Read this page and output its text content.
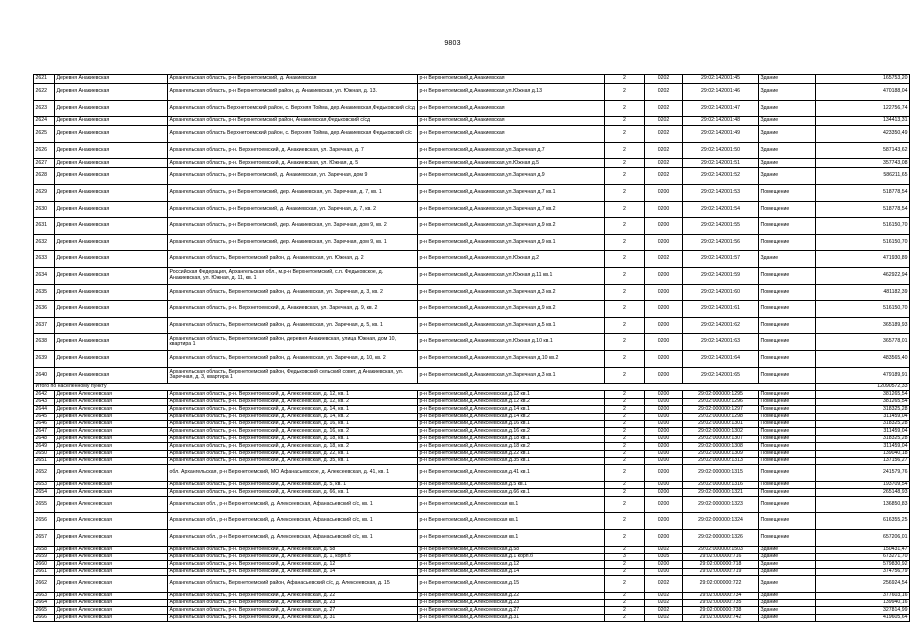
9803
2621	Деревня Анакиевская	Архангельская область, р-н Верхнетоемский, д. Анакиевская	р-н Верхнетоемский,д.Анакиевская	2	0202	29:02:142001:45	Здание	165753,20
2622	Деревня Анакиевская	Архангельская область, р-н Верхнетоемский район, д. Анакиевская, ул. Южная, д. 13.	р-н Верхнетоемский,д.Анакиевская,ул.Южная д.13	2	0202	29:02:142001:46	Здание	470188,04
2623	Деревня Анакиевская	Архангельская область Верхнетоемский район, с. Верхняя Тойма, дер.Анакиевская,Федьковский с/сд	р-н Верхнетоемский,д.Анакиевская	2	0202	29:02:142001:47	Здание	122756,74
2624	Деревня Анакиевская	Архангельская область, р-н Верхнетоемский район, Анакиевская,Федьковский с/сд	р-н Верхнетоемский,д.Анакиевская	2	0202	29:02:142001:48	Здание	134413,31
2625	Деревня Анакиевская	Архангельская область Верхнетоемский район, с. Верхняя Тойма, дер.Анакиевская Федьковский с/с	р-н Верхнетоемский,д.Анакиевская	2	0202	29:02:142001:49	Здание	423350,49
2626	Деревня Анакиевская	Архангельская область, р-н. Верхнетоемский, д. Анакиевская, ул. Заречная, д. 7	р-н Верхнетоемский,д.Анакиевская,ул.Заречная д.7	2	0202	29:02:142001:50	Здание	587143,62
2627	Деревня Анакиевская	Архангельская область, р-н. Верхнетоемский, д. Анакиевская, ул. Южная, д. 5	р-н Верхнетоемский,д.Анакиевская,ул.Южная д.5	2	0202	29:02:142001:51	Здание	357743,08
2628	Деревня Анакиевская	Архангельская область, р-н Верхнетоемский, д. Анакиевская, ул. Заречная, дом 9	р-н Верхнетоемский,д.Анакиевская,ул.Заречная д.9	2	0202	29:02:142001:52	Здание	586211,65
2629	Деревня Анакиевская	Архангельская область, р-н Верхнетоемский, дер. Анакиевская, ул. Заречная, д. 7, кв. 1	р-н Верхнетоемский,д.Анакиевская,ул.Заречная д.7 кв.1	2	0200	29:02:142001:53	Помещение	518778,54
2630	Деревня Анакиевская	Архангельская область, р-н Верхнетоемский, д. Анакиевская, ул. Заречная, д. 7, кв. 2	р-н Верхнетоемский,д.Анакиевская,ул.Заречная д.7 кв.2	2	0200	29:02:142001:54	Помещение	518778,54
2631	Деревня Анакиевская	Архангельская область, р-н Верхнетоемский, дер. Анакиевская, ул. Заречная, дом 9, кв. 2	р-н Верхнетоемский,д.Анакиевская,ул.Заречная д.9 кв.2	2	0200	29:02:142001:55	Помещение	516150,70
2632	Деревня Анакиевская	Архангельская область, р-н Верхнетоемский, дер. Анакиевская, ул. Заречная, дом 9, кв. 1	р-н Верхнетоемский,д.Анакиевская,ул.Заречная д.9 кв.1	2	0200	29:02:142001:56	Помещение	516150,70
2633	Деревня Анакиевская	Архангельская область, Верхнетоемский район, д. Анакиевская, ул. Южная, д. 2	р-н Верхнетоемский,д.Анакиевская,ул.Южная д.2	2	0202	29:02:142001:57	Здание	471930,89
2634	Деревня Анакиевская	Российская Федерация, Архангельская обл., м.р-н Верхнетоемский, с.п. Федьковское, д. Анакиевская, ул. Южная, д. 11, кв. 1	р-н Верхнетоемский,д.Анакиевская,ул.Южная д.11 кв.1	2	0200	29:02:142001:59	Помещение	462922,94
2635	Деревня Анакиевская	Архангельская область, Верхнетоемский район, д. Анакиевская, ул. Заречная, д. 3, кв. 2	р-н Верхнетоемский,д.Анакиевская,ул.Заречная д.3 кв.2	2	0200	29:02:142001:60	Помещение	481182,39
2636	Деревня Анакиевская	Архангельская область, р-н. Верхнетоемский, д. Анакиевская, ул. Заречная, д. 9, кв. 2	р-н Верхнетоемский,д.Анакиевская,ул.Заречная д.9 кв.2	2	0200	29:02:142001:61	Помещение	516150,70
2637	Деревня Анакиевская	Архангельская область, Верхнетоемский район, д. Анакиевская, ул. Заречная, д. 5, кв. 1	р-н Верхнетоемский,д.Анакиевская,ул.Заречная д.5 кв.1	2	0200	29:02:142001:62	Помещение	365189,93
2638	Деревня Анакиевская	Архангельская область, Верхнетоемский район, деревня Анакиевская, улица Южная, дом 10, квартира 1	р-н Верхнетоемский,д.Анакиевская,ул.Южная д.10 кв.1	2	0200	29:02:142001:63	Помещение	365778,01
2639	Деревня Анакиевская	Архангельская область, Верхнетоемский район, д. Анакиевская, ул. Заречная, д. 10, кв. 2	р-н Верхнетоемский,д.Анакиевская,ул.Заречная д.10 кв.2	2	0200	29:02:142001:64	Помещение	483565,40
2640	Деревня Анакиевская	Архангельская область, Верхнетоемский район, Федьковский сельский совет, д Анакиевская, ул. Заречная, д. 3, квартира 1	р-н Верхнетоемский,д.Анакиевская,ул.Заречная д.3 кв.1	2	0200	29:02:142001:65	Помещение	479189,91
Итого по населенному пункту								12090572,33
2642	Деревня Алексеевская	Архангельская область, р-н. Верхнетоемский, д. Алексеевская, д. 12, кв. 1	р-н Верхнетоемский,д.Алексеевская,д.12 кв.1	2	0200	29:02:000000:1295	Помещение	381265,54
2643	Деревня Алексеевская	Архангельская область, р-н. Верхнетоемский, д. Алексеевская, д. 12, кв. 2	р-н Верхнетоемский,д.Алексеевская,д.12 кв.2	2	0200	29:02:000000:1296	Помещение	381265,54
2644	Деревня Алексеевская	Архангельская область, р-н. Верхнетоемский, д. Алексеевская, д. 14, кв. 1	р-н Верхнетоемский,д.Алексеевская,д.14 кв.1	2	0200	29:02:000000:1297	Помещение	318325,28
2645	Деревня Алексеевская	Архангельская область, р-н. Верхнетоемский, д. Алексеевская, д. 14, кв. 2	р-н Верхнетоемский,д.Алексеевская,д.14 кв.2	2	0200	29:02:000000:1298	Помещение	311459,04
2646	Деревня Алексеевская	Архангельская область, р-н. Верхнетоемский, д. Алексеевская, д. 16, кв. 1	р-н Верхнетоемский,д.Алексеевская,д.16 кв.1	2	0200	29:02:000000:1301	Помещение	318325,28
2647	Деревня Алексеевская	Архангельская область, р-н. Верхнетоемский, д. Алексеевская, д. 16, кв. 2	р-н Верхнетоемский,д.Алексеевская,д.16 кв.2	2	0200	29:02:000000:1302	Помещение	311459,04
2648	Деревня Алексеевская	Архангельская область, р-н. Верхнетоемский, д. Алексеевская, д. 18, кв. 1	р-н Верхнетоемский,д.Алексеевская,д.18 кв.1	2	0200	29:02:000000:1307	Помещение	318325,28
2649	Деревня Алексеевская	Архангельская область, р-н. Верхнетоемский, д. Алексеевская, д. 18, кв. 2	р-н Верхнетоемский,д.Алексеевская,д.18 кв.2	2	0200	29:02:000000:1308	Помещение	311459,04
2650	Деревня Алексеевская	Архангельская область, р-н. Верхнетоемский, д. Алексеевская, д. 22, кв. 1	р-н Верхнетоемский,д.Алексеевская,д.22 кв.1	2	0200	29:02:000000:1309	Помещение	139040,18
2651	Деревня Алексеевская	Архангельская область, р-н. Верхнетоемский, д. Алексеевская, д. 35, кв. 1	р-н Верхнетоемский,д.Алексеевская,д.35 кв.1	2	0200	29:02:000000:1313	Помещение	137156,27
2652	Деревня Алексеевская	обл. Архангельская, р-н Верхнетоемский, МО Афанасьевское, д. Алексеевская, д. 41, кв. 1	р-н Верхнетоемский,д.Алексеевская,д.41 кв.1	2	0200	29:02:000000:1315	Помещение	241579,76
2653	Деревня Алексеевская	Архангельская область, р-н. Верхнетоемский, д. Алексеевская, д. 5, кв. 1	р-н Верхнетоемский,д.Алексеевская,д.5 кв.1	2	0200	29:02:000000:1316	Помещение	193709,54
2654	Деревня Алексеевская	Архангельская область, р-н. Верхнетоемский, д. Алексеевская, д. 66, кв. 1	р-н Верхнетоемский,д.Алексеевская,д.66 кв.1	2	0200	29:02:000000:1321	Помещение	265148,93
2655	Деревня Алексеевская	Архангельская обл., р-н Верхнетоемский, д. Алексеевская, Афанасьевский с/с, кв. 1	р-н Верхнетоемский,д.Алексеевская кв.1	2	0200	29:02:000000:1323	Помещение	136850,83
2656	Деревня Алексеевская	Архангельская обл., р-н Верхнетоемский, д. Алексеевская, Афанасьевский с/с, кв. 1	р-н Верхнетоемский,д.Алексеевская кв.1	2	0200	29:02:000000:1324	Помещение	616355,25
2657	Деревня Алексеевская	Архангельская обл., р-н Верхнетоемский, д. Алексеевская, Афанасьевский с/с, кв. 1	р-н Верхнетоемский,д.Алексеевская кв.1	2	0200	29:02:000000:1326	Помещение	657206,01
2658	Деревня Алексеевская	Архангельская область, р-н. Верхнетоемский, д. Алексеевская, д. 58	р-н Верхнетоемский,д.Алексеевская,д.58	2	0202	29:02:000000:1503	Здание	150431,47
2659	Деревня Алексеевская	Архангельская область, р-н. Верхнетоемский, д. Алексеевская, д. 1, корп.б	р-н Верхнетоемский,д.Алексеевская,д.1 корп.б	3	0305	29:02:000000:716	Здание	673271,70
2660	Деревня Алексеевская	Архангельская область, р-н. Верхнетоемский, д. Алексеевская, д. 12	р-н Верхнетоемский,д.Алексеевская,д.12	2	0200	29:02:000000:718	Здание	579830,92
2661	Деревня Алексеевская	Архангельская область, р-н. Верхнетоемский, д. Алексеевская, д. 14	р-н Верхнетоемский,д.Алексеевская,д.14	2	0200	29:02:000000:719	Здание	374756,79
2662	Деревня Алексеевская	Архангельская область, Верхнетоемский район, Афанасьевский с/с, д. Алексеевская, д. 15	р-н Верхнетоемский,д.Алексеевская,д.15	2	0202	29:02:000000:722	Здание	256924,54
2663	Деревня Алексеевская	Архангельская область, р-н. Верхнетоемский, д. Алексеевская, д. 22	р-н Верхнетоемский,д.Алексеевская,д.22	2	0202	29:02:000000:734	Здание	377603,16
2664	Деревня Алексеевская	Архангельская область, р-н. Верхнетоемский, д. Алексеевская, д. 23	р-н Верхнетоемский,д.Алексеевская,д.23	2	0202	29:02:000000:735	Здание	139940,16
2665	Деревня Алексеевская	Архангельская область, р-н. Верхнетоемский, д. Алексеевская, д. 27	р-н Верхнетоемский,д.Алексеевская,д.27	2	0202	29:02:000000:738	Здание	327814,99
2666	Деревня Алексеевская	Архангельская область, р-н. Верхнетоемский, д. Алексеевская, д. 31	р-н Верхнетоемский,д.Алексеевская,д.31	2	0202	29:02:000000:742	Здание	419605,64
